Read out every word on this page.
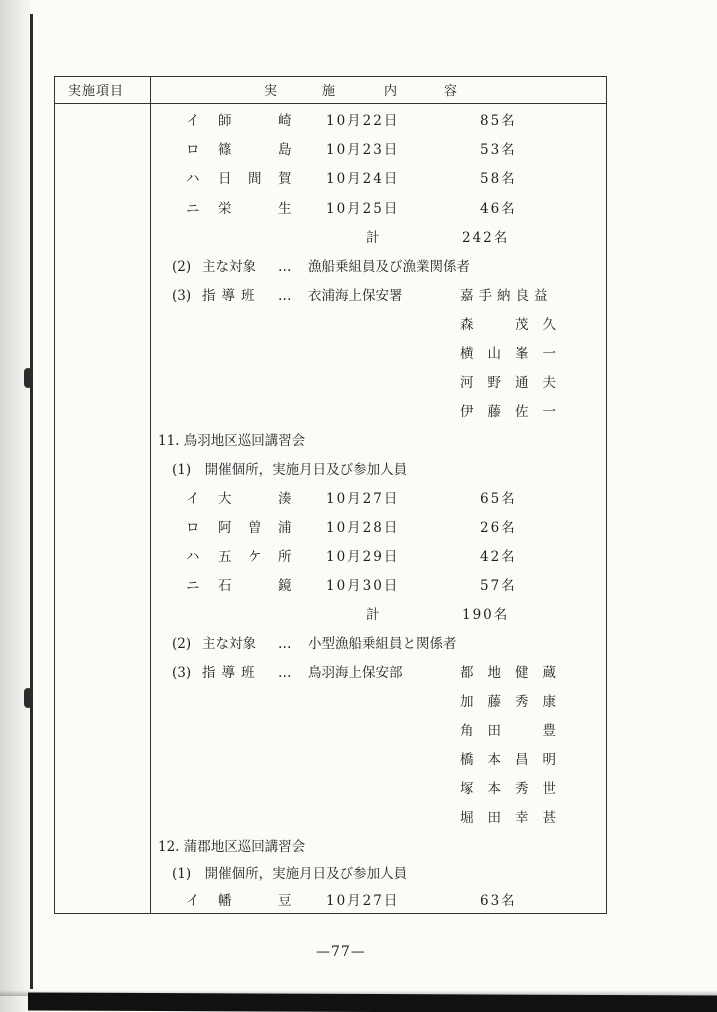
実施項目	実	施	内	容
イ 師	崎	10月22日	85名
ロ 篠	島	10月23日	53名
ハ 日 間 賀	10月24日	58名
ニ 栄	生	10月25日	46名
計	242名
(2) 主な対象 … 漁船乗組員及び漁業関係者
(3) 指導班 … 衣浦海上保安署	嘉手納良益
森　茂久
横山峯一
河野通夫
伊藤佐一
11. 鳥羽地区巡回講習会
(1)　開催個所，実施月日及び参加人員
イ 大	湊	10月27日	65名
ロ 阿 曽 浦	10月28日	26名
ハ 五 ケ 所	10月29日	42名
ニ 石	鏡	10月30日	57名
計	190名
(2) 主な対象 … 小型漁船乗組員と関係者
(3) 指導班 … 鳥羽海上保安部	都地健蔵
加藤秀康
角田　豊
橋本昌明
塚本秀世
堀田幸甚
12. 蒲郡地区巡回講習会
(1)　開催個所，実施月日及び参加人員
イ 幡	豆	10月27日	63名
—77—
